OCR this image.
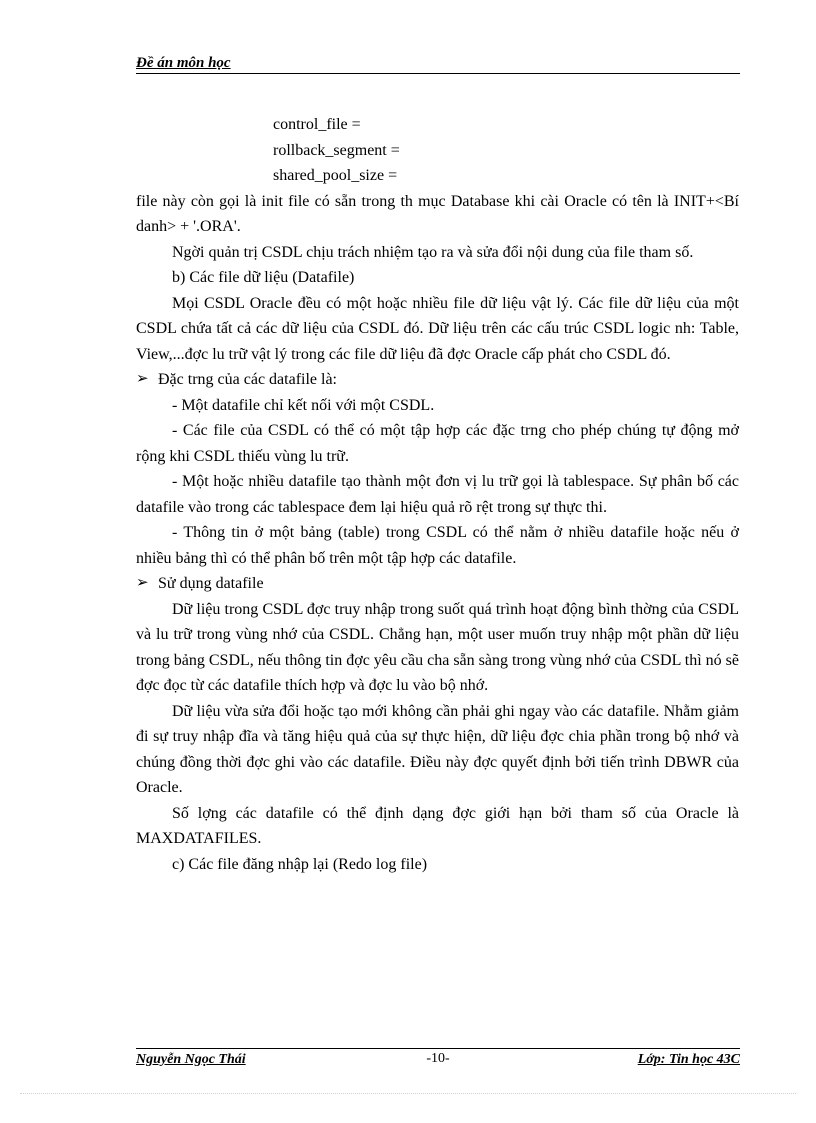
Đề án môn học

control_file =

rollback_segment =

shared_pool_size =

file này còn gọi là init file có sẵn trong th mục Database khi cài Oracle có tên là INIT+<Bí danh> + '.ORA'.

Ngời quản trị CSDL chịu trách nhiệm tạo ra và sửa đổi nội dung của file tham số.

b) Các file dữ liệu (Datafile)

Mọi CSDL Oracle đều có một hoặc nhiều file dữ liệu vật lý. Các file dữ liệu của một CSDL chứa tất cả các dữ liệu của CSDL đó. Dữ liệu trên các cấu trúc CSDL logic nh: Table, View,...đợc lu trữ vật lý trong các file dữ liệu đã đợc Oracle cấp phát cho CSDL đó.

➢ Đặc trng của các datafile là:

- Một datafile chỉ kết nối với một CSDL.

- Các file của CSDL có thể có một tập hợp các đặc trng cho phép chúng tự động mở rộng khi CSDL thiếu vùng lu trữ.

- Một hoặc nhiều datafile tạo thành một đơn vị lu trữ gọi là tablespace. Sự phân bố các datafile vào trong các tablespace đem lại hiệu quả rõ rệt trong sự thực thi.

- Thông tin ở một bảng (table) trong CSDL có thể nằm ở nhiều datafile hoặc nếu ở nhiều bảng thì có thể phân bố trên một tập hợp các datafile.

➢ Sử dụng datafile

Dữ liệu trong CSDL đợc truy nhập trong suốt quá trình hoạt động bình thờng của CSDL và lu trữ trong vùng nhớ của CSDL. Chẳng hạn, một user muốn truy nhập một phần dữ liệu trong bảng CSDL, nếu thông tin đợc yêu cầu cha sẵn sàng trong vùng nhớ của CSDL thì nó sẽ đợc đọc từ các datafile thích hợp và đợc lu vào bộ nhớ.

Dữ liệu vừa sửa đổi hoặc tạo mới không cần phải ghi ngay vào các datafile. Nhằm giảm đi sự truy nhập đĩa và tăng hiệu quả của sự thực hiện, dữ liệu đợc chia phần trong bộ nhớ và chúng đồng thời đợc ghi vào các datafile. Điều này đợc quyết định bởi tiến trình DBWR của Oracle.

Số lợng các datafile có thể định dạng đợc giới hạn bởi tham số của Oracle là MAXDATAFILES.

c) Các file đăng nhập lại (Redo log file)

Nguyễn Ngọc Thái	-10-	Lớp: Tin học 43C
